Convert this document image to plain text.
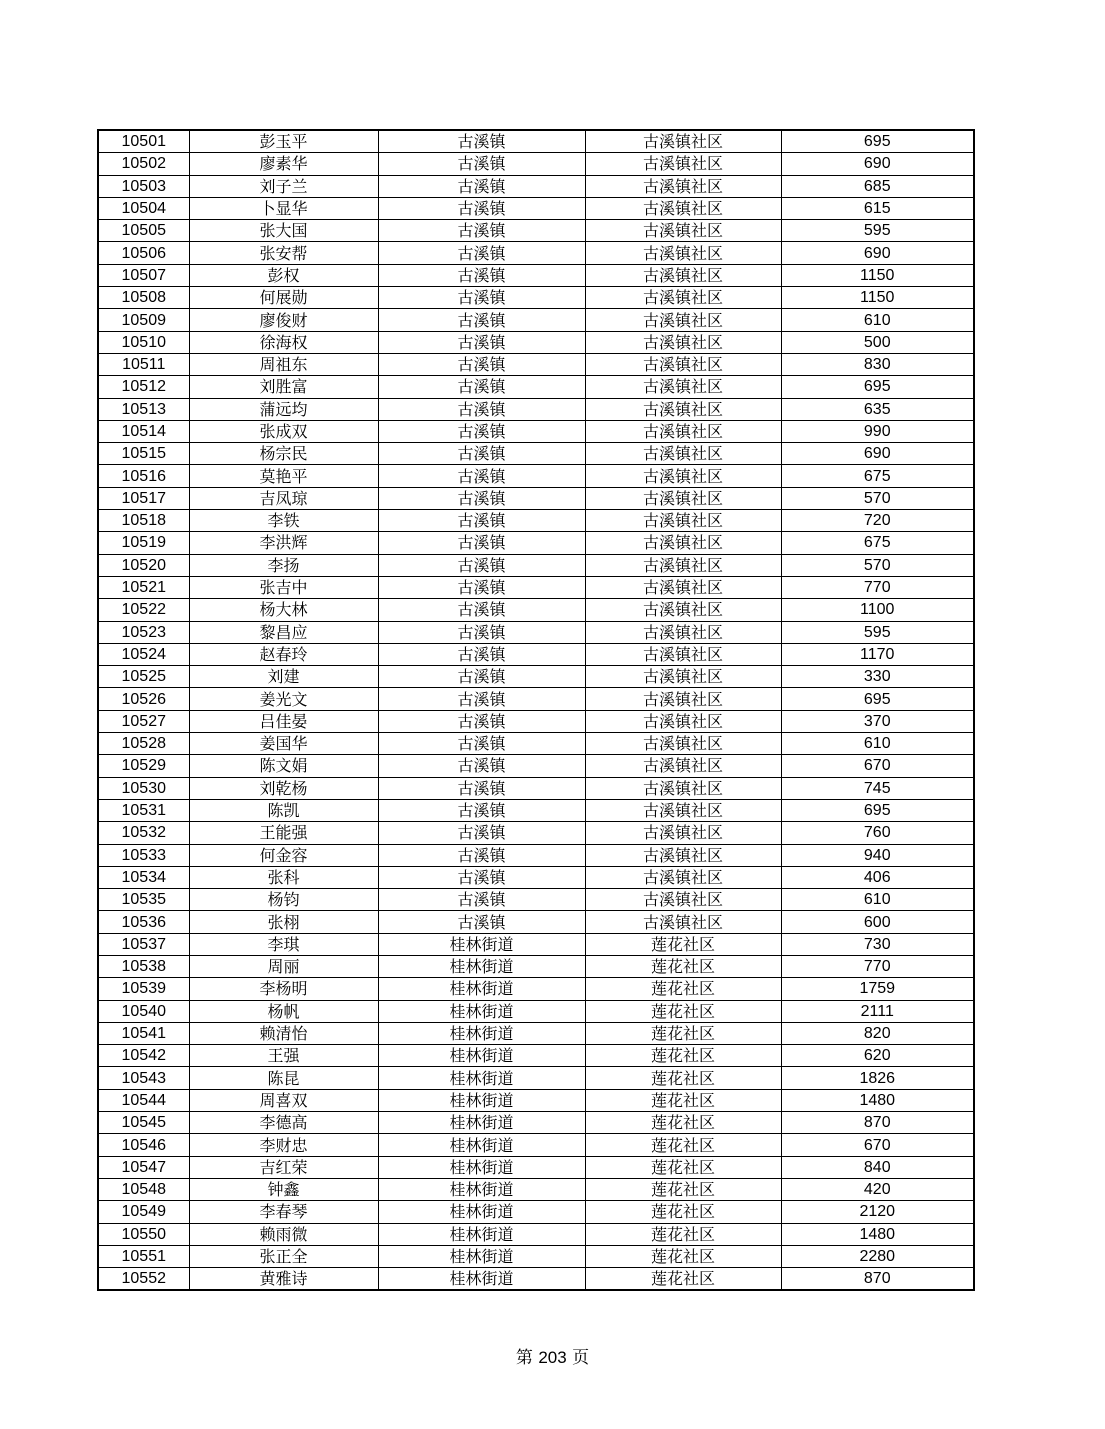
10501	彭玉平	古溪镇	古溪镇社区	695
10502	廖素华	古溪镇	古溪镇社区	690
10503	刘子兰	古溪镇	古溪镇社区	685
10504	卜显华	古溪镇	古溪镇社区	615
10505	张大国	古溪镇	古溪镇社区	595
10506	张安帮	古溪镇	古溪镇社区	690
10507	彭权	古溪镇	古溪镇社区	1150
10508	何展勋	古溪镇	古溪镇社区	1150
10509	廖俊财	古溪镇	古溪镇社区	610
10510	徐海权	古溪镇	古溪镇社区	500
10511	周祖东	古溪镇	古溪镇社区	830
10512	刘胜富	古溪镇	古溪镇社区	695
10513	蒲远均	古溪镇	古溪镇社区	635
10514	张成双	古溪镇	古溪镇社区	990
10515	杨宗民	古溪镇	古溪镇社区	690
10516	莫艳平	古溪镇	古溪镇社区	675
10517	吉凤琼	古溪镇	古溪镇社区	570
10518	李铁	古溪镇	古溪镇社区	720
10519	李洪辉	古溪镇	古溪镇社区	675
10520	李扬	古溪镇	古溪镇社区	570
10521	张吉中	古溪镇	古溪镇社区	770
10522	杨大林	古溪镇	古溪镇社区	1100
10523	黎昌应	古溪镇	古溪镇社区	595
10524	赵春玲	古溪镇	古溪镇社区	1170
10525	刘建	古溪镇	古溪镇社区	330
10526	姜光文	古溪镇	古溪镇社区	695
10527	吕佳晏	古溪镇	古溪镇社区	370
10528	姜国华	古溪镇	古溪镇社区	610
10529	陈文娟	古溪镇	古溪镇社区	670
10530	刘乾杨	古溪镇	古溪镇社区	745
10531	陈凯	古溪镇	古溪镇社区	695
10532	王能强	古溪镇	古溪镇社区	760
10533	何金容	古溪镇	古溪镇社区	940
10534	张科	古溪镇	古溪镇社区	406
10535	杨钧	古溪镇	古溪镇社区	610
10536	张栩	古溪镇	古溪镇社区	600
10537	李琪	桂林街道	莲花社区	730
10538	周丽	桂林街道	莲花社区	770
10539	李杨明	桂林街道	莲花社区	1759
10540	杨帆	桂林街道	莲花社区	2111
10541	赖清怡	桂林街道	莲花社区	820
10542	王强	桂林街道	莲花社区	620
10543	陈昆	桂林街道	莲花社区	1826
10544	周喜双	桂林街道	莲花社区	1480
10545	李德高	桂林街道	莲花社区	870
10546	李财忠	桂林街道	莲花社区	670
10547	吉红荣	桂林街道	莲花社区	840
10548	钟鑫	桂林街道	莲花社区	420
10549	李春琴	桂林街道	莲花社区	2120
10550	赖雨微	桂林街道	莲花社区	1480
10551	张正全	桂林街道	莲花社区	2280
10552	黄雅诗	桂林街道	莲花社区	870
第 203 页
